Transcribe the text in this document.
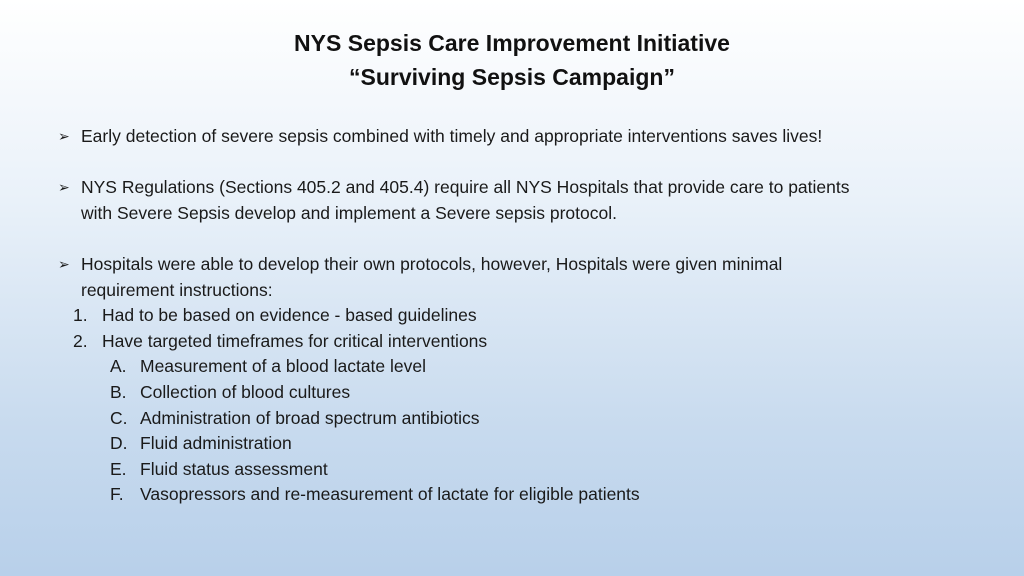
NYS Sepsis Care Improvement Initiative
“Surviving Sepsis Campaign”
➢ Early detection of severe sepsis combined with timely and appropriate interventions saves lives!
➢ NYS Regulations (Sections 405.2 and 405.4) require all NYS Hospitals that provide care to patients
with Severe Sepsis develop and implement a Severe sepsis protocol.
➢ Hospitals were able to develop their own protocols, however, Hospitals were given minimal
requirement instructions:
1. Had to be based on evidence - based guidelines
2. Have targeted timeframes for critical interventions
A. Measurement of a blood lactate level
B. Collection of blood cultures
C. Administration of broad spectrum antibiotics
D. Fluid administration
E. Fluid status assessment
F. Vasopressors and re-measurement of lactate for eligible patients
